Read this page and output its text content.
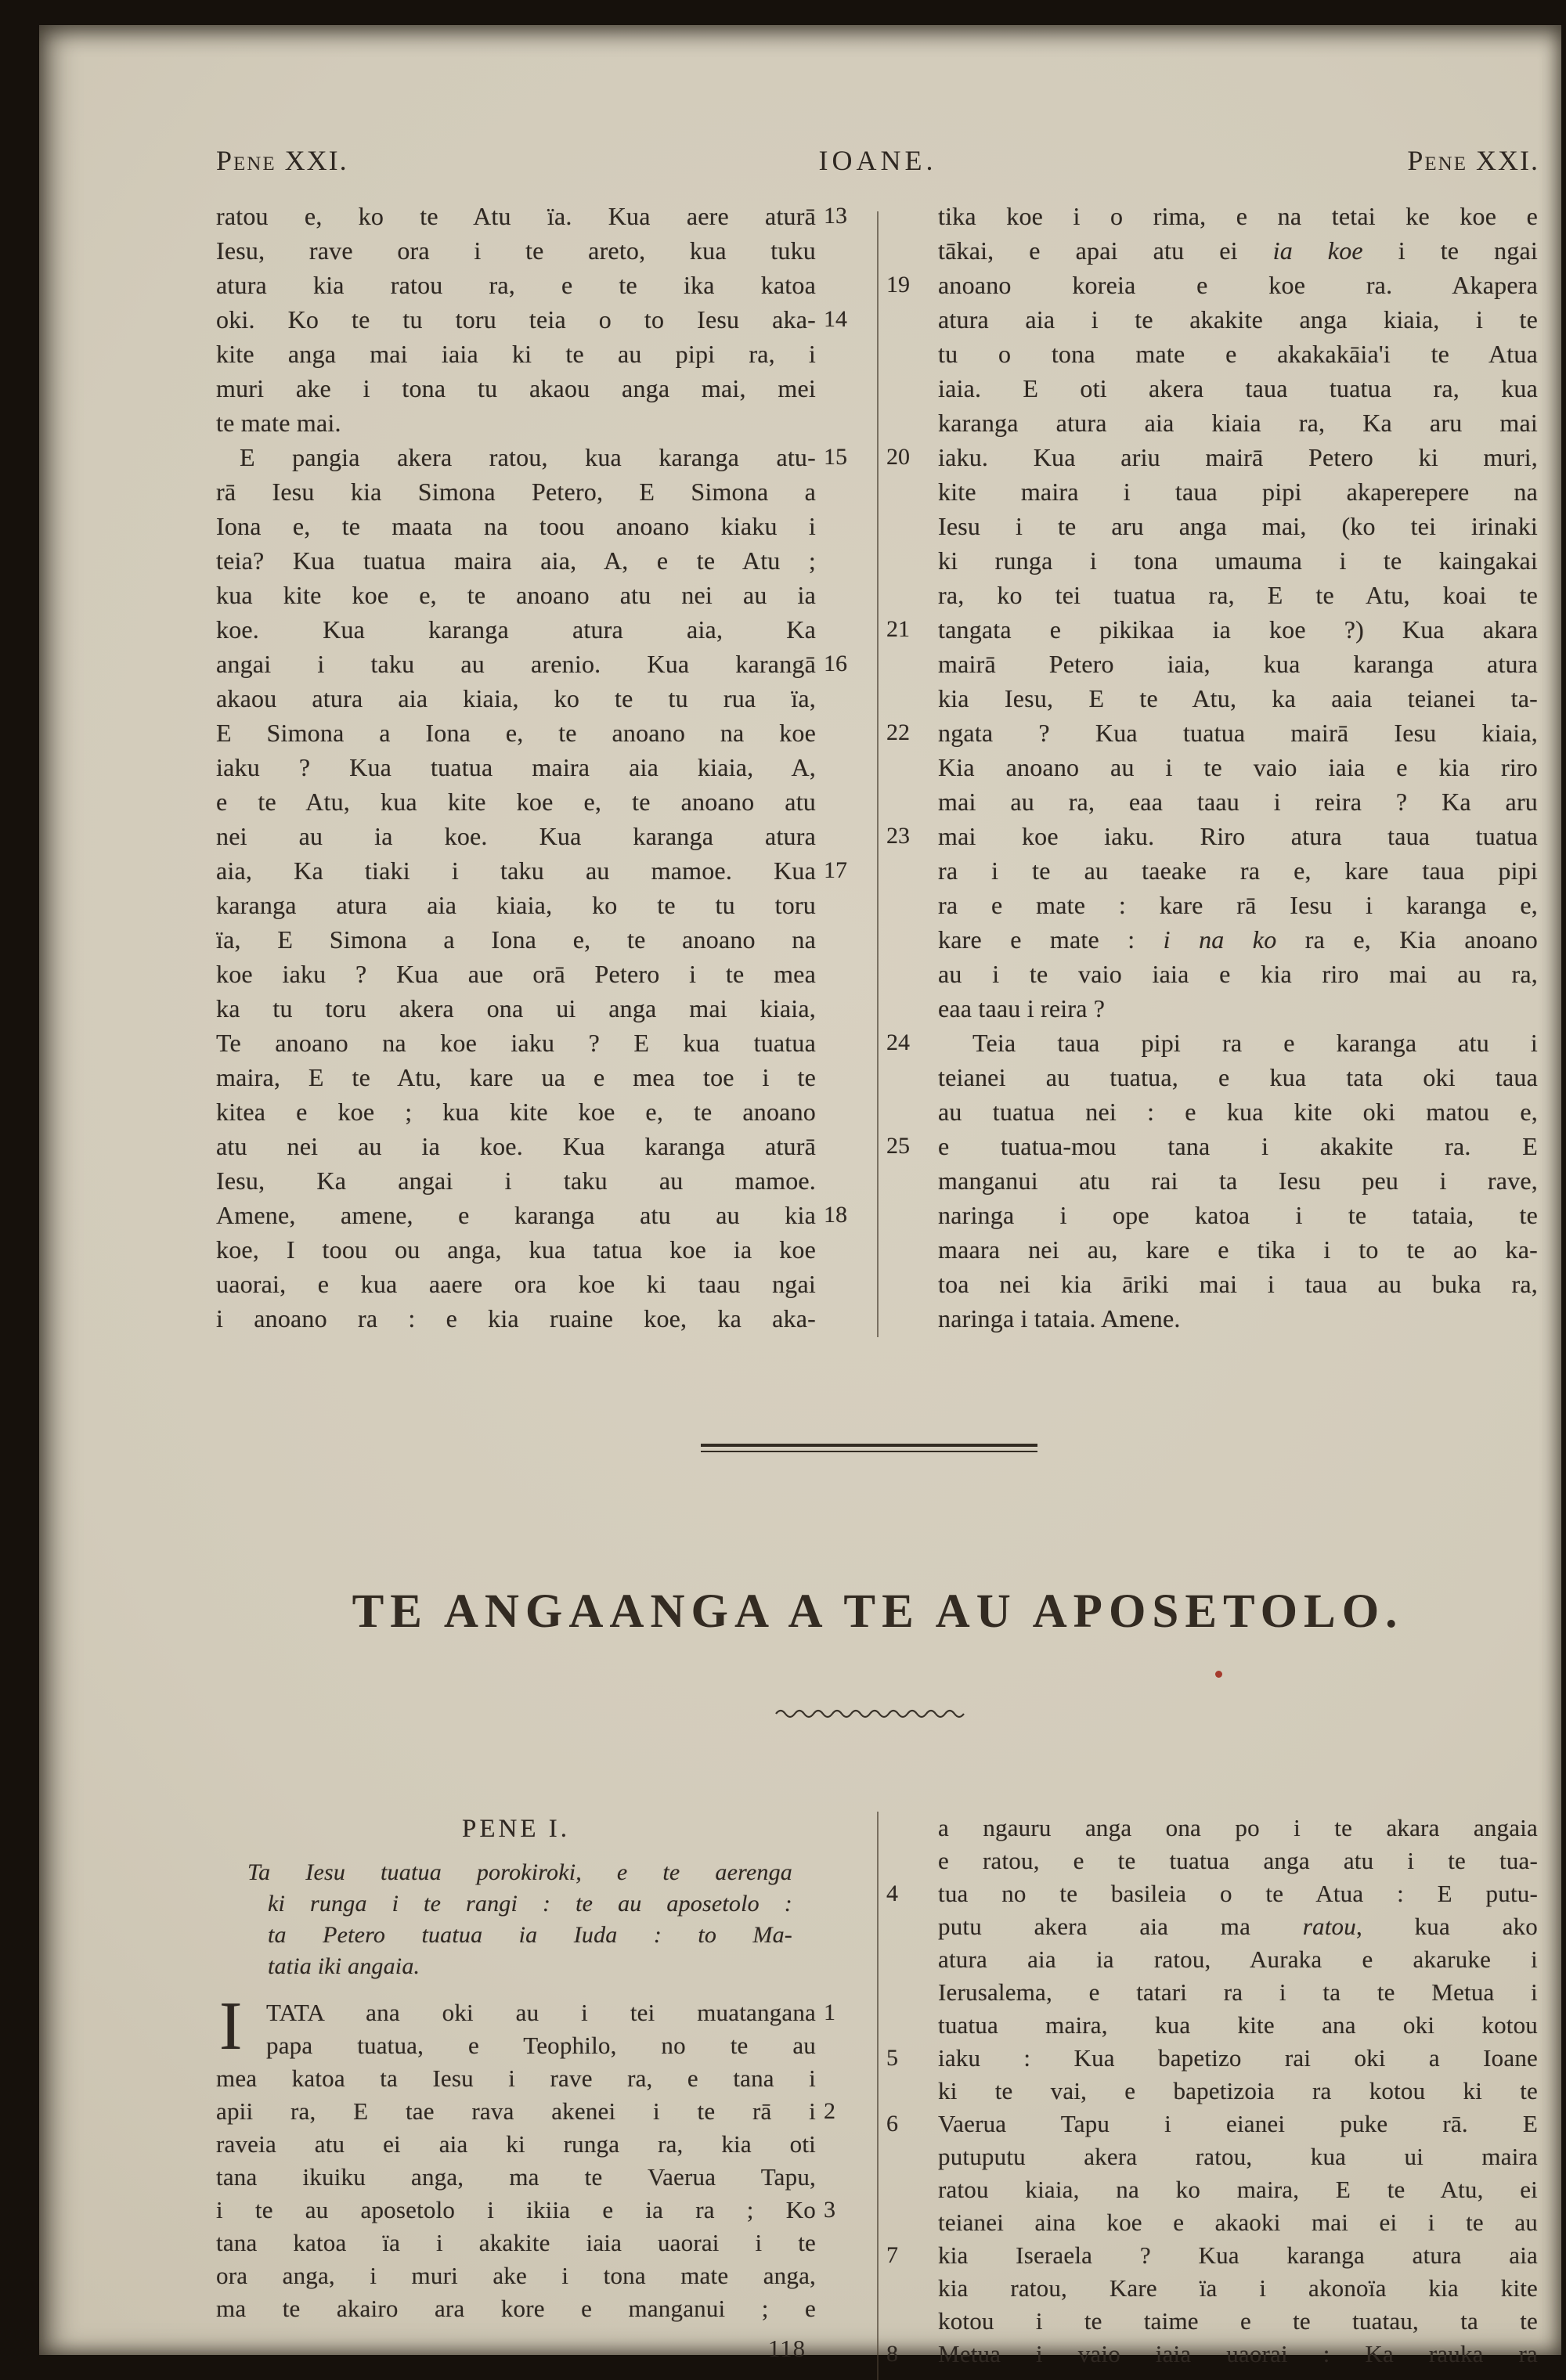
Pene XXI.	IOANE.	Pene XXI.
ratou e, ko te Atu ïa. Kua aere aturā 13
Iesu, rave ora i te areto, kua tuku
atura kia ratou ra, e te ika katoa
oki. Ko te tu toru teia o to Iesu aka- 14
kite anga mai iaia ki te au pipi ra, i
muri ake i tona tu akaou anga mai, mei
te mate mai.
E pangia akera ratou, kua karanga atu- 15
rā Iesu kia Simona Petero, E Simona a
Iona e, te maata na toou anoano kiaku i
teia? Kua tuatua maira aia, A, e te Atu ;
kua kite koe e, te anoano atu nei au ia
koe. Kua karanga atura aia, Ka
angai i taku au arenio. Kua karangā 16
akaou atura aia kiaia, ko te tu rua ïa,
E Simona a Iona e, te anoano na koe
iaku ? Kua tuatua maira aia kiaia, A,
e te Atu, kua kite koe e, te anoano atu
nei au ia koe. Kua karanga atura
aia, Ka tiaki i taku au mamoe. Kua 17
karanga atura aia kiaia, ko te tu toru
ïa, E Simona a Iona e, te anoano na
koe iaku ? Kua aue orā Petero i te mea
ka tu toru akera ona ui anga mai kiaia,
Te anoano na koe iaku ? E kua tuatua
maira, E te Atu, kare ua e mea toe i te
kitea e koe ; kua kite koe e, te anoano
atu nei au ia koe. Kua karanga aturā
Iesu, Ka angai i taku au mamoe.
Amene, amene, e karanga atu au kia 18
koe, I toou ou anga, kua tatua koe ia koe
uaorai, e kua aaere ora koe ki taau ngai
i anoano ra : e kia ruaine koe, ka aka-
tika koe i o rima, e na tetai ke koe e
tākai, e apai atu ei ia koe i te ngai
anoano koreia e koe ra. Akapera
19
atura aia i te akakite anga kiaia, i te
tu o tona mate e akakakāia'i te Atua
iaia. E oti akera taua tuatua ra, kua
karanga atura aia kiaia ra, Ka aru mai
iaku. Kua ariu mairā Petero ki muri,
20
kite maira i taua pipi akaperepere na
Iesu i te aru anga mai, (ko tei irinaki
ki runga i tona umauma i te kaingakai
ra, ko tei tuatua ra, E te Atu, koai te
tangata e pikikaa ia koe ?) Kua akara
21
mairā Petero iaia, kua karanga atura
kia Iesu, E te Atu, ka aaia teianei ta-
ngata ? Kua tuatua mairā Iesu kiaia,
22
Kia anoano au i te vaio iaia e kia riro
mai au ra, eaa taau i reira ? Ka aru
mai koe iaku. Riro atura taua tuatua
23
ra i te au taeake ra e, kare taua pipi
ra e mate : kare rā Iesu i karanga e,
kare e mate : i na ko ra e, Kia anoano
au i te vaio iaia e kia riro mai au ra,
eaa taau i reira ?
Teia taua pipi ra e karanga atu i
24
teianei au tuatua, e kua tata oki taua
au tuatua nei : e kua kite oki matou e,
e tuatua-mou tana i akakite ra. E
25
manganui atu rai ta Iesu peu i rave,
naringa i ope katoa i te tataia, te
maara nei au, kare e tika i to te ao ka-
toa nei kia āriki mai i taua au buka ra,
naringa i tataia. Amene.
TE ANGAANGA A TE AU APOSETOLO.
PENE I.
Ta Iesu tuatua porokiroki, e te aerenga
ki runga i te rangi : te au aposetolo :
ta Petero tuatua ia Iuda : to Ma-
tatia iki angaia.
I TATA ana oki au i tei muatangana 1
papa tuatua, e Teophilo, no te au
mea katoa ta Iesu i rave ra, e tana i
apii ra, E tae rava akenei i te rā i 2
raveia atu ei aia ki runga ra, kia oti
tana ikuiku anga, ma te Vaerua Tapu,
i te au aposetolo i ikiia e ia ra ; Ko 3
tana katoa ïa i akakite iaia uaorai i te
ora anga, i muri ake i tona mate anga,
ma te akairo ara kore e manganui ; e
a ngauru anga ona po i te akara angaia
e ratou, e te tuatua anga atu i te tua-
tua no te basileia o te Atua : E putu-
4
putu akera aia ma ratou, kua ako
atura aia ia ratou, Auraka e akaruke i
Ierusalema, e tatari ra i ta te Metua i
tuatua maira, kua kite ana oki kotou
iaku : Kua bapetizo rai oki a Ioane
5
ki te vai, e bapetizoia ra kotou ki te
Vaerua Tapu i eianei puke rā. E
6
putuputu akera ratou, kua ui maira
ratou kiaia, na ko maira, E te Atu, ei
teianei aina koe e akaoki mai ei i te au
kia Iseraela ? Kua karanga atura aia
7
kia ratou, Kare ïa i akonoïa kia kite
kotou i te taime e te tuatau, ta te
Metua i vaio iaia uaorai : Ka rauka ra
8
118
